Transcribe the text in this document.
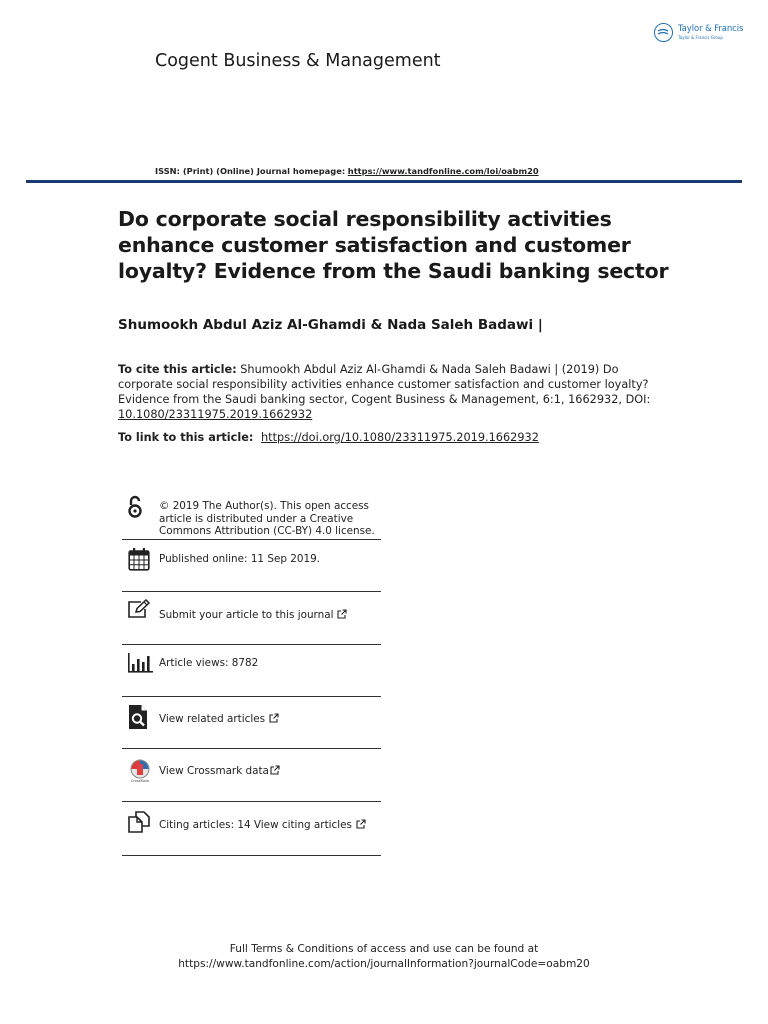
Taylor & Francis
Taylor & Francis Group
Cogent Business & Management
ISSN: (Print) (Online) Journal homepage: https://www.tandfonline.com/loi/oabm20
Do corporate social responsibility activities enhance customer satisfaction and customer loyalty? Evidence from the Saudi banking sector
Shumookh Abdul Aziz Al-Ghamdi & Nada Saleh Badawi |
To cite this article: Shumookh Abdul Aziz Al-Ghamdi & Nada Saleh Badawi | (2019) Do corporate social responsibility activities enhance customer satisfaction and customer loyalty? Evidence from the Saudi banking sector, Cogent Business & Management, 6:1, 1662932, DOI: 10.1080/23311975.2019.1662932
To link to this article: https://doi.org/10.1080/23311975.2019.1662932
© 2019 The Author(s). This open access article is distributed under a Creative Commons Attribution (CC-BY) 4.0 license.
Published online: 11 Sep 2019.
Submit your article to this journal
Article views: 8782
View related articles
CrossMark
View Crossmark data
Citing articles: 14 View citing articles
Full Terms & Conditions of access and use can be found at
https://www.tandfonline.com/action/journalInformation?journalCode=oabm20
